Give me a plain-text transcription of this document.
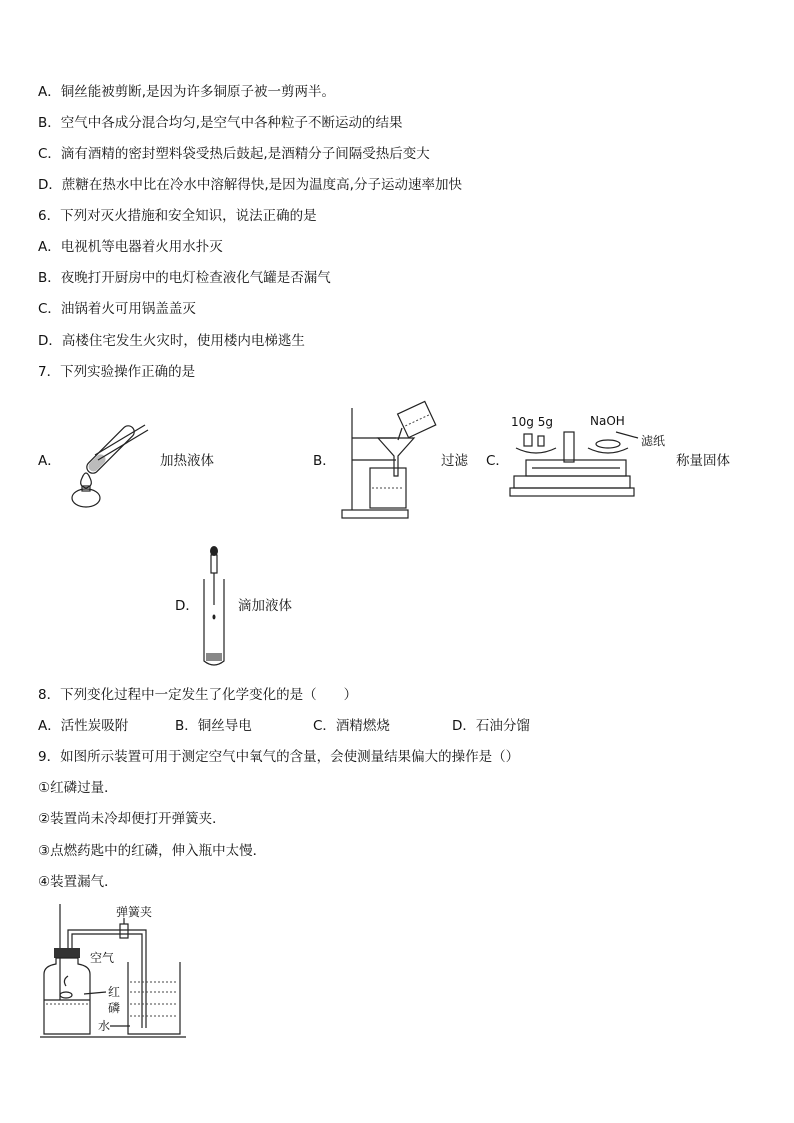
A．铜丝能被剪断,是因为许多铜原子被一剪两半。
B．空气中各成分混合均匀,是空气中各种粒子不断运动的结果
C．滴有酒精的密封塑料袋受热后鼓起,是酒精分子间隔受热后变大
D．蔗糖在热水中比在冷水中溶解得快,是因为温度高,分子运动速率加快
6．下列对灭火措施和安全知识，说法正确的是
A．电视机等电器着火用水扑灭
B．夜晚打开厨房中的电灯检查液化气罐是否漏气
C．油锅着火可用锅盖盖灭
D．高楼住宅发生火灾时，使用楼内电梯逃生
7．下列实验操作正确的是
A．	加热液体	B．	过滤 C．
10g 5g	NaOH
滤纸
称量固体
D．	滴加液体
8．下列变化过程中一定发生了化学变化的是（　　）
A．活性炭吸附	B．铜丝导电	C．酒精燃烧	D．石油分馏
9．如图所示装置可用于测定空气中氧气的含量，会使测量结果偏大的操作是（）
①红磷过量．
②装置尚未冷却便打开弹簧夹．
③点燃药匙中的红磷，伸入瓶中太慢．
④装置漏气．
弹簧夹
空气
红
磷
水
